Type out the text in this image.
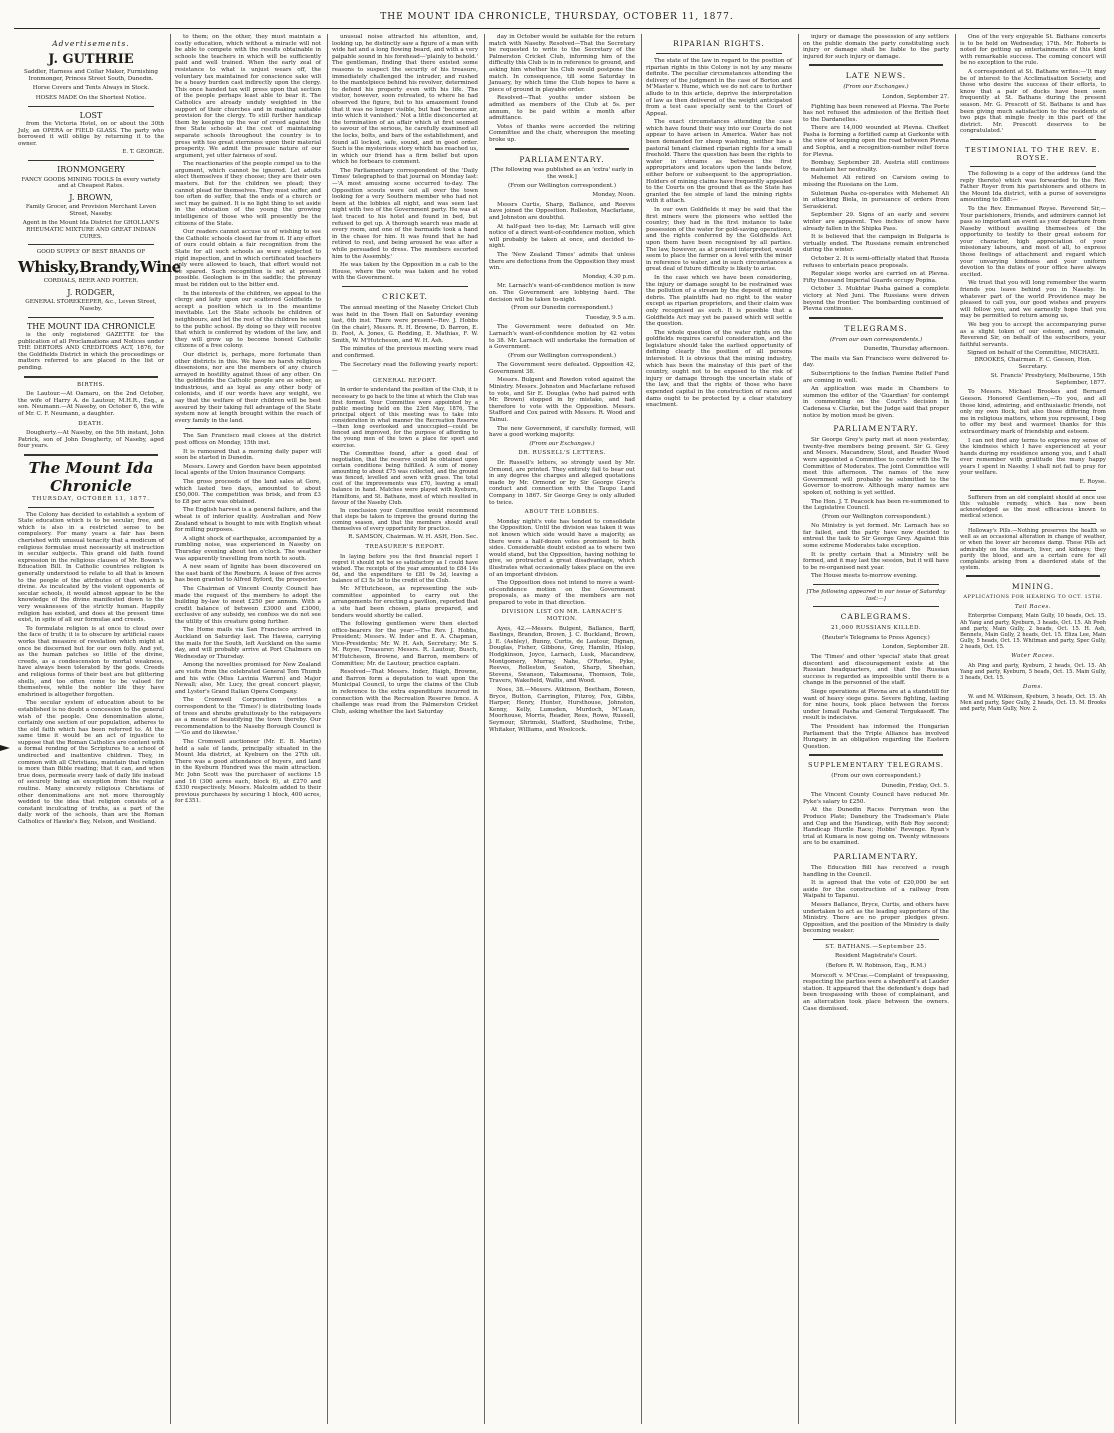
THE MOUNT IDA CHRONICLE, THURSDAY, OCTOBER 11, 1877.
Advertisements.
J. GUTHRIE
Saddler, Harness and Collar Maker, Furnishing Ironmonger, Princes Street South, Dunedin.
Horse Covers and Tents Always in Stock.
HOSES MADE On the Shortest Notice.
LOST

from the Victoria Hotel, on or about the 30th July, an OPERA or FIELD GLASS. The party who borrowed it will oblige by returning it to the owner.

E. T. GEORGE.
IRONMONGERY
FANCY GOODS MINING TOOLS In every variety and at Cheapest Rates.
J. BROWN,
Family Grocer, and Provision Merchant Leven Street, Naseby.
Agent in the Mount Ida District for GHOLLAN'S RHEUMATIC MIXTURE AND GREAT INDIAN CURES.
GOOD SUPPLY OF BEST BRANDS OF
Whisky,Brandy,Wine
CORDIALS, BEER AND PORTER.
J. RODGER,
GENERAL STOREKEEPER, &c., Leven Street, Naseby.
THE MOUNT IDA CHRONICLE

is the only registered GAZETTE for the publication of all Proclamations and Notices under THE DEBTORS AND CREDITORS ACT, 1876, for the Goldfields District in which the proceedings or matters referred to are placed in the list or pending.

BIRTHS.

De Lautour.—At Oamaru, on the 2nd October, the wife of Harry A. de Lautour, M.H.R., Esq., a son. Neumann.—At Naseby, on October 6, the wife of Mr. C. F. Neumann, a daughter.

DEATH.

Dougherty.—At Naseby, on the 5th instant, John Patrick, son of John Dougherty, of Naseby, aged four years.

The Mount Ida Chronicle
THURSDAY, OCTOBER 11, 1877.

The Colony has decided to establish a system of State education which is to be secular, free, and which is also in a restricted sense to be compulsory. For many years a fair has been cherished with unusual tenacity that a modicum of religious formulae must necessarily sit instruction in secular subjects. This grand old faith found expression in the religious clauses of Mr. Bowen's Education Bill. In Catholic countries religion is generally understood to relate to all that is known to the people of the attributes of that which is divine. As inculcated by the violent opponents of secular schools, it would almost appear to be the knowledge of the divine manifested down to the very weaknesses of the strictly human. Happily religion has existed, and does at the present time exist, in spite of all our formulae and creeds.

To formulate religion is at once to cloud over the face of truth; it is to obscure by artificial cases works that measure of revelation which might at once be discerned but for our own folly. And yet, as the human patches so little of the divine, creeds, as a condescension to mortal weakness, have always been tolerated by the gods. Creeds and religious forms of their best are but glittering shells, and too often come to be valued for themselves, while the nobler life they have enshrined is altogether forgotten.

The secular system of education about to be established is no doubt a concession to the general wish of the people. One denomination alone, certainly one section of our population, adheres to the old faith which has been referred to. At the same time it would be an act of injustice to suppose that the Roman Catholics are content with a formal rending of the Scriptures to a school of undirected and inattentive children. They, in common with all Christians, maintain that religion is more than Bible reading; that it can, and when true does, permeate every task of daily life instead of securely being an exception from the regular routine. Many sincerely religious Christians of other denominations are not more thoroughly wedded to the idea that religion consists of a constant inculcating of truths, as a part of the daily work of the schools, than are the Roman Catholics of Hawke's Bay, Nelson, and Westland.

to them; on the other, they must maintain a costly education, which without a miracle will not be able to compete with the results obtainable in schools the teachers in which will be sufficiently paid and well trained. When the early zeal of resistance to what is unjust wears off, the voluntary tax maintained for conscience sake will be a heavy burden cast indirectly upon the clergy. This once handed tax will press upon that section of the people perhaps least able to bear it. The Catholics are already unduly weighted in the support of their churches and in making suitable provision for the clergy. To still further handicap them by keeping up the war of creed against the free State schools at the cost of maintaining separate schools throughout the country is to press with too great sternness upon their material prosperity. We admit the prosaic nature of our argument, yet utter fairness of soul.

The reactionaries of the people compel us to the argument, which cannot be ignored. Let adults elect themselves if they choose; they are their own masters. But for the children we plead; they cannot plead for themselves. They must suffer, and too often do suffer, that the ends of a church or sect may be gained. It is no light thing to set aside in the education of the young the growing intelligence of those who will presently be the citizens of the State.

Our readers cannot accuse us of wishing to see the Catholic schools closed far from it. If any effort of ours could obtain a fair recognition from the State for all such schools as were subjected to rigid inspection, and in which certificated teachers only were allowed to teach, that effort would not be spared. Such recognition is not at present possible. Geologism is in the saddle; the phrenzy must be ridden out to the bitter end.

In the interests of the children, we appeal to the clergy and laity upon our scattered Goldfields to accept a position which is in the meantime inevitable. Let the State schools be children of neighbours, and let the rest of the children be sent to the public school. By doing so they will receive that which is conferred by wisdom of the law, and they will grow up to become honest Catholic citizens of a free colony.

Our district is, perhaps, more fortunate than other districts in this. We have no harsh religious dissensions, nor are the members of any church arrayed in hostility against those of any other. On the goldfields the Catholic people are as sober, as industrious, and as loyal as any other body of colonists, and if our words have any weight, we say that the welfare of their children will be best assured by their taking full advantage of the State system now at length brought within the reach of every family in the land.

The San Francisco mail closes at the district post offices on Monday, 15th inst.

It is rumoured that a morning daily paper will soon be started in Dunedin.

Messrs. Lowry and Gordon have been appointed local agents of the Union Insurance Company.

The gross proceeds of the land sales at Gore, which lasted two days, amounted to about £50,000. The competition was brisk, and from £3 to £8 per acre was obtained.

The English harvest is a general failure, and the wheat is of inferior quality. Australian and New Zealand wheat is bought to mix with English wheat for milling purposes.

A slight shock of earthquake, accompanied by a rumbling noise, was experienced in Naseby on Thursday evening about ten o'clock. The weather was apparently travelling from north to south.

A new seam of lignite has been discovered on the east bank of the Rowburn. A lease of five acres has been granted to Alfred Byford, the prospector.

The Chairman of Vincent County Council has made the request of the members to adopt the building by-law to meet £250 per annum. With a credit balance of between £3000 and £3000, exclusive of any subsidy, we confess we do not see the utility of this creature going further.

The Home mails via San Francisco arrived in Auckland on Saturday last. The Hawea, carrying the mails for the South, left Auckland on the same day, and will probably arrive at Port Chalmers on Wednesday or Thursday.

Among the novelties promised for New Zealand are visits from the celebrated General Tom Thumb and his wife (Miss Lavinia Warren) and Major Newall; also, Mr. Lucy, the great concert player, and Lyster's Grand Italian Opera Company.

The Cromwell Corporation (writes a correspondent to the 'Times') is distributing loads of trees and shrubs gratuitously to the ratepayers as a means of beautifying the town thereby. Our recommendation to the Naseby Borough Council is—'Go and do likewise.'

The Cromwell auctioneer (Mr. E. B. Martin) held a sale of lands, principally situated in the Mount Ida district, at Kyeburn on the 27th ult. There was a good attendance of buyers, and land in the Kyeburn Hundred was the main attraction. Mr. John Scott was the purchaser of sections 15 and 16 (300 acres each, block 6), at £270 and £330 respectively. Messrs. Malcolm added to their previous purchases by securing 1 block, 400 acres, for £351.

unusual noise attracted his attention, and, looking up, he distinctly saw a figure of a man with wide hat and a long flowing beard, and with a very palpable sound in his forehead—'plainly to behold.' The gentleman, finding that there existed some reasons to suspect the security of his treasure, immediately challenged the intruder, and rushed to the mantelpiece behind his revolver, determined to defend his property even with his life. The visitor, however, soon retreated, to where he had observed the figure, but to his amazement found that it was no longer visible, but had 'become air, into which it vanished.' Not a little disconcerted at the termination of an affair which at first seemed to savour of the serious, he carefully examined all the locks, bolts, and bars of the establishment, and found all locked, safe, sound, and in good order. Such is the mysterious story which has reached us, in which our friend has a firm belief but upon which he forbears to comment.

The Parliamentary correspondent of the 'Daily Times' telegraphed to that journal on Monday last:—'A most amusing scene occurred to-day. The Opposition scouts were out all over the town looking for a very Southern member who had not been at the lobbies all night, and was seen last night with two of the Government party. He was at last traced to his hotel and found in bed, but refused to get up. A thorough search was made at every room, and one of the barmaids took a hand in the chase for him. It was found that he had retired to rest, and being aroused he was after a while persuaded to dress. The members escorted him to the Assembly.'

He was taken by the Opposition in a cab to the House, where the vote was taken and he voted with the Government.

CRICKET.

The annual meeting of the Naseby Cricket Club was held in the Town Hall on Saturday evening last, 6th inst. There were present—Rev. J. Hobbs (in the chair), Messrs. R. H. Browne, D. Barron, E. D. Foot, A. Jones, G. Redding, E. Mathias, F. W. Smith, W. M'Hutcheson, and W. H. Ash.

The minutes of the previous meeting were read and confirmed.

The Secretary read the following yearly report:—

GENERAL REPORT.

In order to understand the position of the Club, it is necessary to go back to the time at which the Club was first formed. Your Committee were appointed by a public meeting held on the 23rd May, 1876, The principal object of this meeting was to take into consideration in what manner the Recreation Reserve—then long overlooked and unoccupied—could be fenced and improved, for the purpose of affording to the young men of the town a place for sport and exercise.

The Committee found, after a good deal of negotiation, that the reserve could be obtained upon certain conditions being fulfilled. A sum of money amounting to about £75 was collected, and the ground was fenced, levelled and sown with grass. The total cost of the improvements was £70, leaving a small balance in hand. Matches were played with Kyeburn, Hamiltons, and St. Bathans, most of which resulted in favour of the Naseby Club.

In conclusion your Committee would recommend that steps be taken to improve the ground during the coming season, and that the members should avail themselves of every opportunity for practice.

R. SAMSON, Chairman. W. H. ASH, Hon. Sec.
TREASURER'S REPORT.

In laying before you the first financial report I regret it should not be so satisfactory as I could have wished. The receipts of the year amounted to £84 14s 6d, and the expenditure to £81 9s 3d, leaving a balance of £3 5s 3d to the credit of the Club.

Mr. M'Hutcheson, as representing the sub-committee appointed to carry out the arrangements for erecting a pavilion, reported that a site had been chosen, plans prepared, and tenders would shortly be called.

The following gentlemen were then elected office-bearers for the year:—The Rev. J. Hobbs, President; Messrs. W. Inder and E. A. Chapman, Vice-Presidents; Mr. W. H. Ash, Secretary; Mr. S. M. Royse, Treasurer; Messrs. R. Lautour, Busch, M'Hutcheson, Browne, and Barron, members of Committee; Mr. de Lautour, practice captain.

Resolved—That Messrs. Inder, Haigh, Browne, and Barron form a deputation to wait upon the Municipal Council, to urge the claims of the Club in reference to the extra expenditure incurred in connection with the Recreation Reserve fence. A challenge was read from the Palmerston Cricket Club, asking whether the last Saturday

day in October would be suitable for the return match with Naseby. Resolved—That the Secretary be requested to write to the Secretary of the Palmerston Cricket Club, informing him of the difficulty this Club is in in reference to ground, and asking him whether his Club would postpone the match. In consequence, till some Saturday in January, by which time the Club hopes to have a piece of ground in playable order.

Resolved—That youths under sixteen be admitted as members of the Club at 5s. per annum, to be paid within a month after admittance.

Votes of thanks were accorded the retiring Committee and the chair, whereupon the meeting broke up.

PARLIAMENTARY.

[The following was published as an 'extra' early in the week.]

(From our Wellington correspondent.)
Monday, Noon.

Messrs Curtis, Sharp, Ballance, and Reeves have joined the Opposition. Rolleston, Macfarlane, and Johnston are doubtful.

At half-past two to-day, Mr. Larnach will give notice of a direct want-of-confidence motion, which will probably be taken at once, and decided to-night.

The 'New Zealand Times' admits that unless there are defections from the Opposition they must win.

Monday, 4.30 p.m.

Mr. Larnach's want-of-confidence motion is now on. The Government are lobbying hard. The decision will be taken to-night.

(From our Dunedin correspondent.)
Tuesday, 9.5 a.m.

The Government were defeated on Mr. Larnach's want-of-confidence motion by 42 votes to 38. Mr. Larnach will undertake the formation of a Government.

(From our Wellington correspondent.)

The Government were defeated. Opposition 42, Government 38.

Messrs. Bulgent and Rowdon voted against the Ministry. Messrs. Johnston and Macfarlane refused to vote, and Sir E. Douglas (who had paired with Mr. Brown) stopped in by mistake, and had therefore to vote with the Opposition. Messrs. Stafford and Cox paired with Messrs. R. Wood and Tainui.

The new Government, if carefully formed, will have a good working majority.

(From our Exchanges.)
DR. RUSSELL'S LETTERS.

Dr. Russell's letters, so strongly used by Mr. Ormond, are printed. They entirely fail to bear out in any degree the charges and alleged quotations made by Mr. Ormond or by Sir George Grey's conduct and connection with the Taupo Land Company in 1867. Sir George Grey is only alluded to twice.

ABOUT THE LOBBIES.

Monday night's vote has tended to consolidate the Opposition. Until the division was taken it was not known which side would have a majority, as there were a half-dozen votes promised to both sides. Considerable doubt existed as to where two would stand, but the Opposition, having nothing to give, so protracted a great disadvantage, which illustrates what occasionally takes place on the eve of an important division.

The Opposition does not intend to move a want-of-confidence motion on the Government proposals, as many of the members are not prepared to vote in that direction.

DIVISION LIST ON MR. LARNACH'S MOTION.

Ayes, 42.—Messrs. Bulgent, Ballance, Barff, Bastings, Brandon, Brown, J. C. Buckland, Brown, J. E. (Ashley), Bunny, Curtis, de Lautour, Dignan, Douglas, Fisher, Gibbons, Grey, Hamlin, Hislop, Hodgkinson, Joyce, Larnach, Lusk, Macandrew, Montgomery, Murray, Nahe, O'Rorke, Pyke, Reeves, Rolleston, Seaton, Sharp, Sheehan, Stevens, Swanson, Takamoana, Thomson, Tole, Travers, Wakefield, Wallis, and Wood.

Noes, 38.—Messrs. Atkinson, Beetham, Bowen, Bryce, Button, Carrington, Fitzroy, Fox, Gibbs, Harper, Henry, Hunter, Hursthouse, Johnston, Kenny, Kelly, Lumsden, Murdoch, M'Lean, Moorhouse, Morris, Reader, Rees, Rowe, Russell, Seymour, Shrimski, Stafford, Studholme, Tribe, Whitaker, Williams, and Woolcock.

RIPARIAN RIGHTS.

The state of the law in regard to the position of riparian rights in this Colony is not by any means definite. The peculiar circumstances attending the delivery of the judgment in the case of Borton and M'Master v. Hume, which we do not care to further allude to in this article, deprive the interpretation of law as then delivered of the weight anticipated from a test case specially sent to the Court of Appeal.

The exact circumstances attending the case which have found their way into our Courts do not appear to have arisen in America. Water has not been demanded for sheep washing, neither has a pastoral tenant claimed riparian rights for a small freehold. There the question has been the rights to water in streams as between the first appropriators and locators upon the lands below, either before or subsequent to the appropriation. Holders of mining claims have frequently appealed to the Courts on the ground that as the State has granted the fee simple of land the mining rights with it attach.

In our own Goldfields it may be said that the first miners were the pioneers who settled the country; they had in the first instance to take possession of the water for gold-saving operations, and the rights conferred by the Goldfields Act upon them have been recognised by all parties. The law, however, as at present interpreted, would seem to place the farmer on a level with the miner in reference to water, and in such circumstances a great deal of future difficulty is likely to arise.

In the case which we have been considering, the injury or damage sought to be restrained was the pollution of a stream by the deposit of mining debris. The plaintiffs had no right to the water except as riparian proprietors, and their claim was only recognised as such. It is possible that a Goldfields Act may yet be passed which will settle the question.

The whole question of the water rights on the goldfields requires careful consideration, and the legislature should take the earliest opportunity of defining clearly the position of all persons interested. It is obvious that the mining industry, which has been the mainstay of this part of the country, ought not to be exposed to the risk of injury or damage through the uncertain state of the law, and that the rights of those who have expended capital in the construction of races and dams ought to be protected by a clear statutory enactment.

injury or damage the possession of any settlers on the public domain the party constituting such injury or damage shall be liable to the party injured for such injury or damage.

LATE NEWS.
(From our Exchanges.)
London, September 27.

Fighting has been renewed at Plevna. The Porte has not refused the admission of the British fleet to the Dardanelles.

There are 14,000 wounded at Plevna. Chefket Pasha is forming a fortified camp at Gurkonte with the view of keeping open the road between Plevna and Sophia, and a recognition-number relief force for Plevna.

Bombay, September 28. Austria still continues to maintain her neutrality.

Mehemet Ali retired on Carsiom owing to missing the Russians on the Lom.

Suleiman Pasha co-operates with Mehemet Ali in attacking Biela, in pursuance of orders from Seraskierat.

September 29. Signs of an early and severe winter are apparent. Two inches of snow have already fallen in the Shipka Pass.

It is believed that the campaign in Bulgaria is virtually ended. The Russians remain entrenched during the winter.

October 2. It is semi-officially stated that Russia refuses to entertain peace proposals.

Regular siege works are carried on at Plevna. Fifty thousand Imperial Guards occupy Popina.

October 3. Mukhtar Pasha gained a complete victory at Ned Juni. The Russians were driven beyond the frontier. The bombarding continued of Plevna continues.

TELEGRAMS.
(From our own correspondents.)
Dunedin, Thursday afternoon.

The mails via San Francisco were delivered to-day.

Subscriptions to the Indian Famine Relief Fund are coming in well.

An application was made in Chambers to summon the editor of the 'Guardian' for contempt in commenting on the Court's decision in Cadenesa v. Clarke, but the Judge said that proper notice by motion must be given.

PARLIAMENTARY.

Sir George Grey's party met at noon yesterday, twenty-five members being present. Sir G. Grey and Messrs. Macandrew, Stout, and Reader Wood were appointed a Committee to confer with the Te Committee of Moderates. The joint Committee will meet this afternoon. The names of the new Government will probably be submitted to the Governor to-morrow. Although many names are spoken of, nothing is yet settled.

The Hon. J. T. Peacock has been re-summoned to the Legislative Council.

(From our Wellington correspondent.)

No Ministry is yet formed. Mr. Larnach has so far failed, and the party have now decided to entreat the task to Sir George Grey. Against this some extreme Moderates take exception.

It is pretty certain that a Ministry will be formed, and it may last the session, but it will have to be re-organised next year.

The House meets to-morrow evening.

[The following appeared in our issue of Saturday last:—]
CABLEGRAMS.
21,000 RUSSIANS KILLED.
(Reuter's Telegrams to Press Agency.)
London, September 28.

The 'Times' and other 'special' state that great discontent and discouragement exists at the Russian headquarters, and that the Russian success is regarded as impossible until there is a change in the personnel of the staff.

Siege operations at Plevna are at a standstill for want of heavy siege guns. Severe fighting, lasting for nine hours, took place between the forces under Ismail Pasha and General Tergukasoff. The result is indecisive.

The President has informed the Hungarian Parliament that the Triple Alliance has involved Hungary in an obligation regarding the Eastern Question.

SUPPLEMENTARY TELEGRAMS.
(From our own correspondent.)
Dunedin, Friday, Oct. 5.

The Vincent County Council have reduced Mr. Pyke's salary to £250.

At the Dunedin Races Ferryman won the Produce Plate; Danebury the Tradesman's Plate and Cup and the Handicap, with Rob Roy second; Handicap Hurdle Race; Hobbs' Revenge. Ryan's trial at Kumara is now going on. Twenty witnesses are to be examined.

PARLIAMENTARY.

The Education Bill has received a rough handling in the Council.

It is agreed that the vote of £20,000 be set aside for the construction of a railway from Waipahi to Tapanui.

Messrs Ballance, Bryce, Curtis, and others have undertaken to act as the leading supporters of the Ministry. There are no proper pledges given. Opposition, and the position of the Ministry is daily becoming weaker.

ST. BATHANS.—September 25.
Resident Magistrate's Court.
(Before R. W. Robinson, Esq., R.M.)

Morscoft v. M'Crae.—Complaint of trespassing, respecting the parties were a shepherd's at Lauder station. It appeared that the defendant's dogs had been trespassing with those of complainant, and an altercation took place between the owners. Case dismissed.

One of the very enjoyable St. Bathans concerts is to be held on Wednesday, 17th. Mr. Roberts is noted for getting up entertainments of this kind with remarkable success. The coming concert will be no exception to the rule.

A correspondent at St. Bathans writes:—'It may be of interest to the Acclimatisation Society, and those who desire the success of their efforts, to know that a pair of ducks have been seen frequently at St. Bathans during the present season. Mr. G. Prescott of St. Bathans is and has been giving much satisfaction to the residents of two pigs that mingle freely in this part of the district. Mr. Prescott deserves to be congratulated.'

TESTIMONIAL TO THE REV. E. ROYSE.

The following is a copy of the address (and the reply thereto) which was forwarded to the Rev. Father Royer from his parishioners and others in the Mount Ida district, with a purse of sovereigns amounting to £88:—

To the Rev. Emmanuel Royse. Reverend Sir,—Your parishioners, friends, and admirers cannot let pass so important an event as your departure from Naseby without availing themselves of the opportunity to testify to their great esteem for your character, high appreciation of your missionary labours, and most of all, to express those feelings of attachment and regard which your unvarying kindness and your uniform devotion to the duties of your office have always excited.

We trust that you will long remember the warm friends you leave behind you in Naseby. In whatever part of the world Providence may be pleased to call you, our good wishes and prayers will follow you, and we earnestly hope that you may be permitted to return among us.

We beg you to accept the accompanying purse as a slight token of our esteem, and remain, Reverend Sir, on behalf of the subscribers, your faithful servants.

Signed on behalf of the Committee, MICHAEL BROOKES, Chairman. F. C. Geeson, Hon. Secretary.
St. Francis' Presbytery, Melbourne, 15th September, 1877.

To Messrs. Michael Brookes and Bernard Geeson. Honored Gentlemen,—To you, and all those kind, admiring, and enthusiastic friends, not only my own flock, but also those differing from me in religious matters, whom you represent, I beg to offer my best and warmest thanks for this extraordinary mark of friendship and esteem.

I can not find any terms to express my sense of the kindness which I have experienced at your hands during my residence among you, and I shall ever remember with gratitude the many happy years I spent in Naseby. I shall not fail to pray for your welfare.

E. Royse.

Sufferers from an old complaint should at once use this valuable remedy, which has now been acknowledged as the most efficacious known to medical science.

Holloway's Pills.—Nothing preserves the health so well as an occasional alteration in change of weather, or when the lower air becomes damp. These Pills act admirably on the stomach, liver, and kidneys; they purify the blood, and are a certain cure for all complaints arising from a disordered state of the system.

MINING.
APPLICATIONS FOR HEARING TO OCT. 15TH.
Tail Races.

Enterprise Company, Main Gully, 10 heads, Oct. 15. Ah Yang and party, Kyeburn, 3 heads, Oct. 15. Ah Pooh and party, Main Gully, 2 heads, Oct. 15. H. Ash, Bennets, Main Gully, 2 heads, Oct. 15. Eliza Lee, Main Gully, 5 heads, Oct. 15. Whitman and party, Spec Gully, 2 heads, Oct. 15.

Water Races.

Ah Ping and party, Kyeburn, 2 heads, Oct. 15. Ah Yang and party, Kyeburn, 5 heads, Oct. 15. Main Gully, 3 heads, Oct. 15.

Dams.

W. and M. Wilkinson, Kyeburn, 3 heads, Oct. 15. Ah Men and party, Spec Gully, 2 heads, Oct. 15. M. Brooks and party, Main Gully, Nov. 2.
